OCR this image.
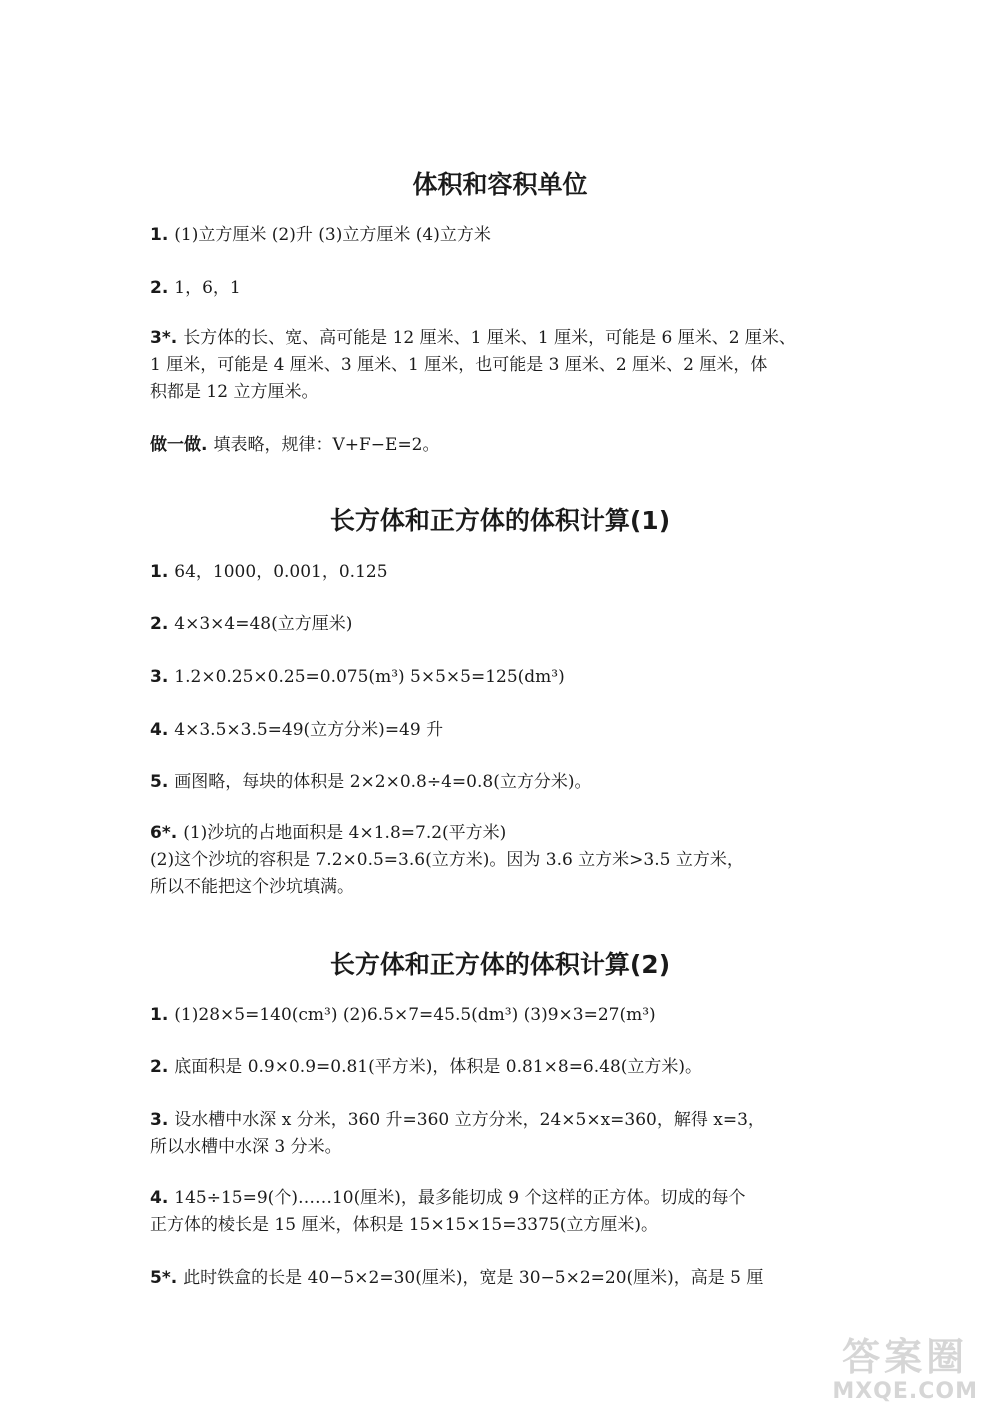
体积和容积单位

1. (1)立方厘米 (2)升 (3)立方厘米 (4)立方米

2. 1，6，1

3*. 长方体的长、宽、高可能是 12 厘米、1 厘米、1 厘米，可能是 6 厘米、2 厘米、
1 厘米，可能是 4 厘米、3 厘米、1 厘米，也可能是 3 厘米、2 厘米、2 厘米，体
积都是 12 立方厘米。

做一做. 填表略，规律：V+F−E=2。

长方体和正方体的体积计算(1)

1. 64，1000，0.001，0.125

2. 4×3×4=48(立方厘米)

3. 1.2×0.25×0.25=0.075(m³) 5×5×5=125(dm³)

4. 4×3.5×3.5=49(立方分米)=49 升

5. 画图略，每块的体积是 2×2×0.8÷4=0.8(立方分米)。

6*. (1)沙坑的占地面积是 4×1.8=7.2(平方米)
(2)这个沙坑的容积是 7.2×0.5=3.6(立方米)。因为 3.6 立方米>3.5 立方米，
所以不能把这个沙坑填满。
长方体和正方体的体积计算(2)

1. (1)28×5=140(cm³) (2)6.5×7=45.5(dm³) (3)9×3=27(m³)

2. 底面积是 0.9×0.9=0.81(平方米)，体积是 0.81×8=6.48(立方米)。

3. 设水槽中水深 x 分米，360 升=360 立方分米，24×5×x=360，解得 x=3，
所以水槽中水深 3 分米。
4. 145÷15=9(个)……10(厘米)，最多能切成 9 个这样的正方体。切成的每个
正方体的棱长是 15 厘米，体积是 15×15×15=3375(立方厘米)。

5*. 此时铁盒的长是 40−5×2=30(厘米)，宽是 30−5×2=20(厘米)，高是 5 厘

答案圈
MXQE.COM
